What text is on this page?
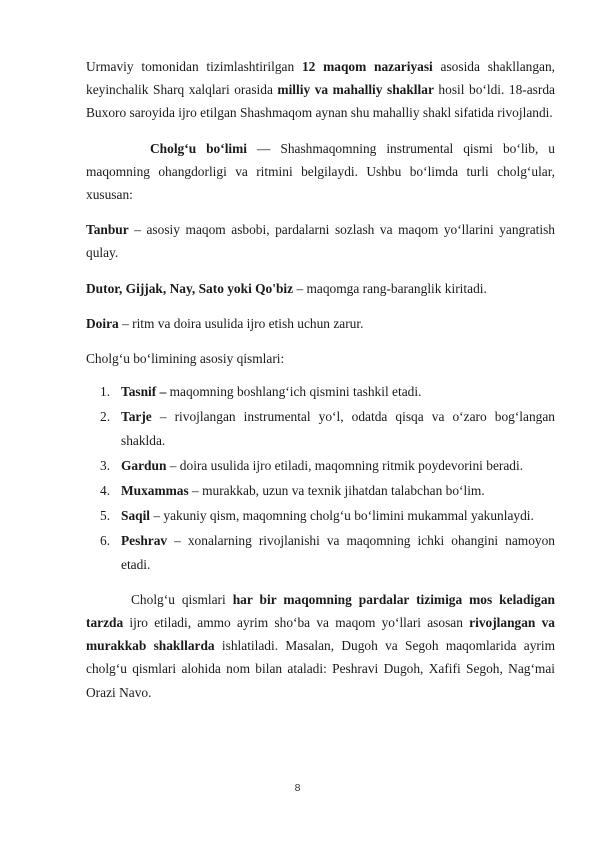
Urmaviy tomonidan tizimlashtirilgan 12 maqom nazariyasi asosida shakllangan, keyinchalik Sharq xalqlari orasida milliy va mahalliy shakllar hosil bo‘ldi. 18-asrda Buxoro saroyida ijro etilgan Shashmaqom aynan shu mahalliy shakl sifatida rivojlandi.

Cholg‘u bo‘limi — Shashmaqomning instrumental qismi bo‘lib, u maqomning ohangdorligi va ritmini belgilaydi. Ushbu bo‘limda turli cholg‘ular, xususan:

Tanbur – asosiy maqom asbobi, pardalarni sozlash va maqom yo‘llarini yangratish qulay.

Dutor, Gijjak, Nay, Sato yoki Qo'biz – maqomga rang-baranglik kiritadi.

Doira – ritm va doira usulida ijro etish uchun zarur.

Cholg‘u bo‘limining asosiy qismlari:

1. Tasnif – maqomning boshlang‘ich qismini tashkil etadi.
2. Tarje – rivojlangan instrumental yo‘l, odatda qisqa va o‘zaro bog‘langan shaklda.
3. Gardun – doira usulida ijro etiladi, maqomning ritmik poydevorini beradi.
4. Muxammas – murakkab, uzun va texnik jihatdan talabchan bo‘lim.
5. Saqil – yakuniy qism, maqomning cholg‘u bo‘limini mukammal yakunlaydi.
6. Peshrav – xonalarning rivojlanishi va maqomning ichki ohangini namoyon etadi.

Cholg‘u qismlari har bir maqomning pardalar tizimiga mos keladigan tarzda ijro etiladi, ammo ayrim sho‘ba va maqom yo‘llari asosan rivojlangan va murakkab shakllarda ishlatiladi. Masalan, Dugoh va Segoh maqomlarida ayrim cholg‘u qismlari alohida nom bilan ataladi: Peshravi Dugoh, Xafifi Segoh, Nag‘mai Orazi Navo.

8
